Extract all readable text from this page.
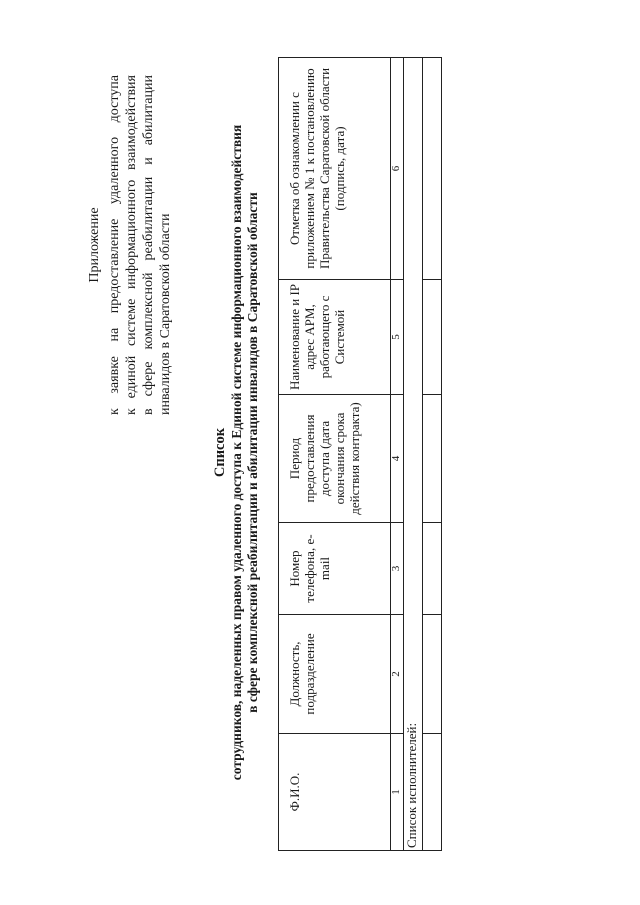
Приложение к заявке на предоставление удаленного доступа к единой системе информационного взаимодействия в сфере комплексной реабилитации и абилитации инвалидов в Саратовской области
Список сотрудников, наделенных правом удаленного доступа к Единой системе информационного взаимодействия в сфере комплексной реабилитации и абилитации инвалидов в Саратовской области
Ф.И.О.	Должность, подразделение	Номер телефона, e-mail	Период предоставления доступа (дата окончания срока действия контракта)	Наименование и IP адрес АРМ, работающего с Системой	Отметка об ознакомлении с приложением № 1 к постановлению Правительства Саратовской области (подпись, дата)

1	2	3	4	5	6
Список исполнителей:					
